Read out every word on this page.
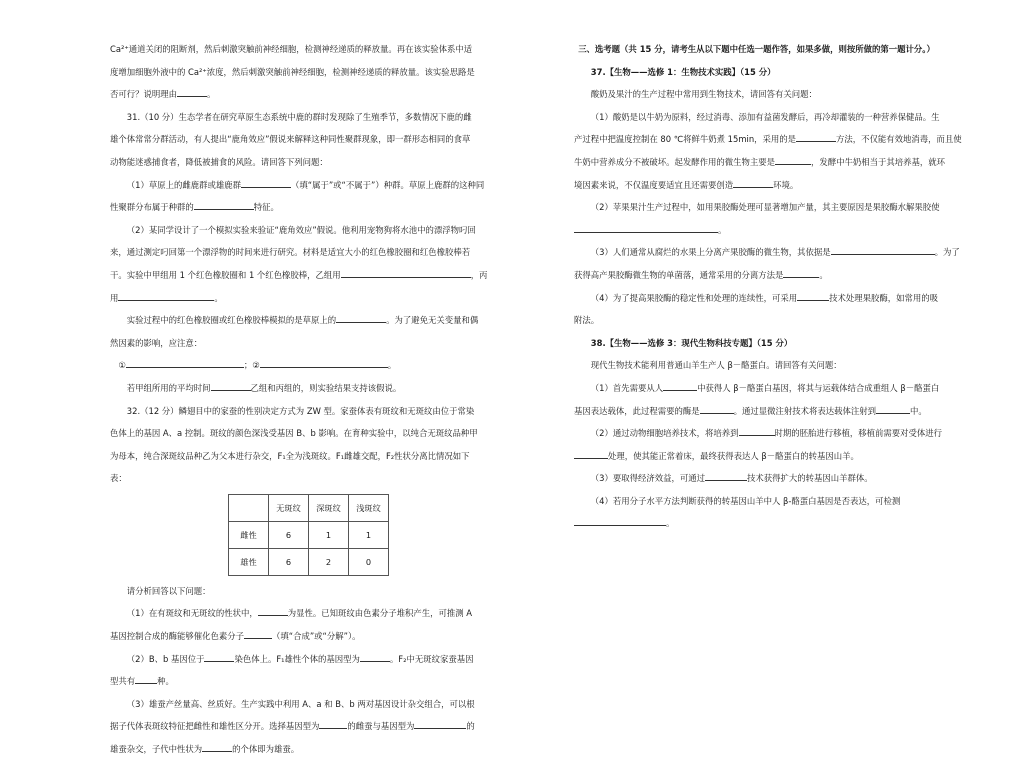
Ca²⁺通道关闭的阻断剂，然后刺激突触前神经细胞，检测神经递质的释放量。再在该实验体系中适

度增加细胞外液中的 Ca²⁺浓度，然后刺激突触前神经细胞，检测神经递质的释放量。该实验思路是

否可行？说明理由	。

31.（10 分）生态学者在研究草原生态系统中鹿的群时发现除了生殖季节，多数情况下鹿的雌

雄个体常常分群活动，有人提出“鹿角效应”假说来解释这种同性聚群现象，即一群形态相同的食草

动物能迷惑捕食者，降低被捕食的风险。请回答下列问题：

（1）草原上的雌鹿群或雄鹿群	（填“属于”或“不属于”）种群。草原上鹿群的这种同

性聚群分布属于种群的	特征。

（2）某同学设计了一个模拟实验来验证“鹿角效应”假说。他利用宠物狗将水池中的漂浮物叼回

来，通过测定叼回第一个漂浮物的时间来进行研究。材料是适宜大小的红色橡胶圈和红色橡胶棒若

干。实验中甲组用 1 个红色橡胶圈和 1 个红色橡胶棒，乙组用	，丙

用	。

实验过程中的红色橡胶圈或红色橡胶棒模拟的是草原上的	。为了避免无关变量和偶

然因素的影响，应注意：

①	；②	。

若甲组所用的平均时间	乙组和丙组的，则实验结果支持该假说。

32.（12 分）鳞翅目中的家蚕的性别决定方式为 ZW 型。家蚕体表有斑纹和无斑纹由位于常染

色体上的基因 A、a 控制。斑纹的颜色深浅受基因 B、b 影响。在育种实验中，以纯合无斑纹品种甲

为母本，纯合深斑纹品种乙为父本进行杂交，F₁全为浅斑纹。F₁雌雄交配，F₂性状分离比情况如下

表：

	无斑纹	深斑纹	浅斑纹
雌性	6	1	1
雄性	6	2	0

请分析回答以下问题：

（1）在有斑纹和无斑纹的性状中，	为显性。已知斑纹由色素分子堆积产生，可推测 A

基因控制合成的酶能够催化色素分子	（填“合成”或“分解”）。

（2）B、b 基因位于	染色体上。F₁雄性个体的基因型为	。F₂中无斑纹家蚕基因

型共有	种。

（3）雄蚕产丝量高、丝质好。生产实践中利用 A、a 和 B、b 两对基因设计杂交组合，可以根

据子代体表斑纹特征把雌性和雄性区分开。选择基因型为	的雌蚕与基因型为	的

雄蚕杂交，子代中性状为	的个体即为雄蚕。

三、选考题（共 15 分，请考生从以下题中任选一题作答，如果多做，则按所做的第一题计分。）

37.【生物——选修 1：生物技术实践】（15 分）

酸奶及果汁的生产过程中常用到生物技术，请回答有关问题：

（1）酸奶是以牛奶为原料，经过消毒、添加有益菌发酵后，再冷却灌装的一种营养保健品。生

产过程中把温度控制在 80 ℃将鲜牛奶煮 15min，采用的是	方法，不仅能有效地消毒，而且使

牛奶中营养成分不被破坏。起发酵作用的微生物主要是	，发酵中牛奶相当于其培养基，就环

境因素来说，不仅温度要适宜且还需要创造	环境。

（2）苹果果汁生产过程中，如用果胶酶处理可显著增加产量，其主要原因是果胶酶水解果胶使

。

（3）人们通常从腐烂的水果上分离产果胶酶的微生物，其依据是	。为了

获得高产果胶酶微生物的单菌落，通常采用的分离方法是	。

（4）为了提高果胶酶的稳定性和处理的连续性，可采用	技术处理果胶酶，如常用的吸

附法。

38.【生物——选修 3：现代生物科技专题】（15 分）

现代生物技术能利用普通山羊生产人 β－酪蛋白。请回答有关问题：

（1）首先需要从人	中获得人 β－酪蛋白基因，将其与运载体结合成重组人 β－酪蛋白

基因表达载体，此过程需要的酶是	。通过显微注射技术将表达载体注射到	中。

（2）通过动物细胞培养技术，将培养到	时期的胚胎进行移植，移植前需要对受体进行

处理，使其能正常着床，最终获得表达人 β－酪蛋白的转基因山羊。

（3）要取得经济效益，可通过	技术获得扩大的转基因山羊群体。

（4）若用分子水平方法判断获得的转基因山羊中人 β-酪蛋白基因是否表达，可检测

。
